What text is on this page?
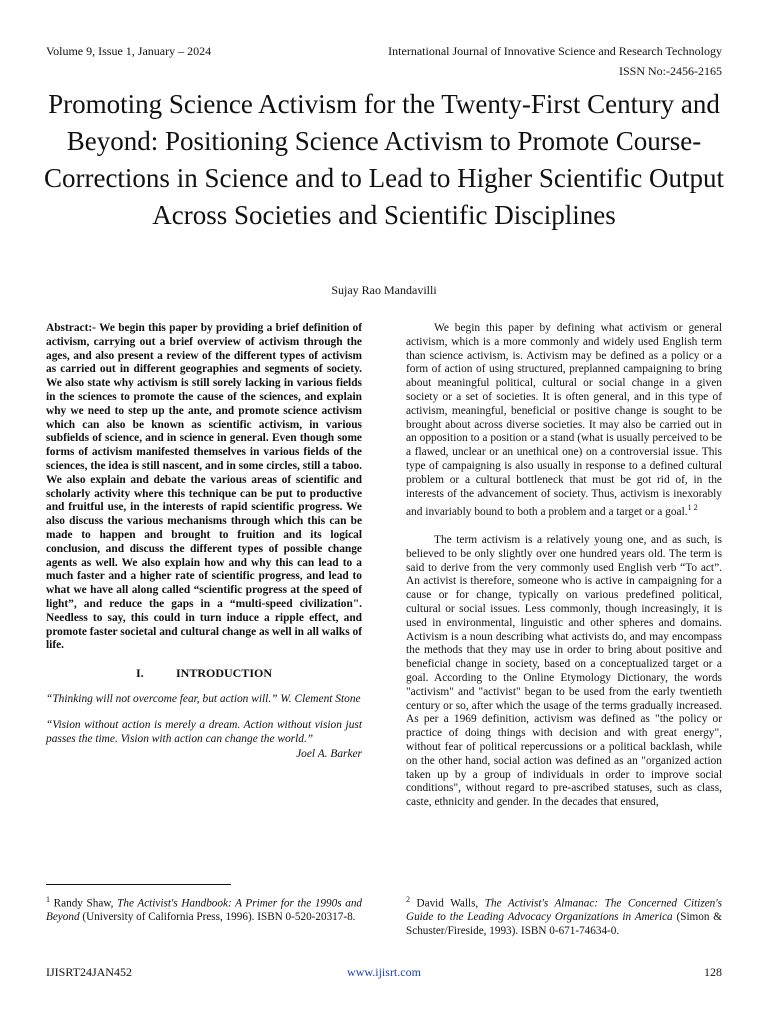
Volume 9, Issue 1, January – 2024	International Journal of Innovative Science and Research Technology
ISSN No:-2456-2165
Promoting Science Activism for the Twenty-First Century and Beyond: Positioning Science Activism to Promote Course-Corrections in Science and to Lead to Higher Scientific Output Across Societies and Scientific Disciplines
Sujay Rao Mandavilli

Abstract:- We begin this paper by providing a brief definition of activism, carrying out a brief overview of activism through the ages, and also present a review of the different types of activism as carried out in different geographies and segments of society. We also state why activism is still sorely lacking in various fields in the sciences to promote the cause of the sciences, and explain why we need to step up the ante, and promote science activism which can also be known as scientific activism, in various subfields of science, and in science in general. Even though some forms of activism manifested themselves in various fields of the sciences, the idea is still nascent, and in some circles, still a taboo. We also explain and debate the various areas of scientific and scholarly activity where this technique can be put to productive and fruitful use, in the interests of rapid scientific progress. We also discuss the various mechanisms through which this can be made to happen and brought to fruition and its logical conclusion, and discuss the different types of possible change agents as well. We also explain how and why this can lead to a much faster and a higher rate of scientific progress, and lead to what we have all along called “scientific progress at the speed of light”, and reduce the gaps in a “multi-speed civilization". Needless to say, this could in turn induce a ripple effect, and promote faster societal and cultural change as well in all walks of life.

I.	INTRODUCTION

“Thinking will not overcome fear, but action will.” W. Clement Stone

“Vision without action is merely a dream. Action without vision just passes the time. Vision with action can change the world.”

Joel A. Barker

We begin this paper by defining what activism or general activism, which is a more commonly and widely used English term than science activism, is. Activism may be defined as a policy or a form of action of using structured, preplanned campaigning to bring about meaningful political, cultural or social change in a given society or a set of societies. It is often general, and in this type of activism, meaningful, beneficial or positive change is sought to be brought about across diverse societies. It may also be carried out in an opposition to a position or a stand (what is usually perceived to be a flawed, unclear or an unethical one) on a controversial issue. This type of campaigning is also usually in response to a defined cultural problem or a cultural bottleneck that must be got rid of, in the interests of the advancement of society. Thus, activism is inexorably and invariably bound to both a problem and a target or a goal.$^{1 2}$

The term activism is a relatively young one, and as such, is believed to be only slightly over one hundred years old. The term is said to derive from the very commonly used English verb “To act”. An activist is therefore, someone who is active in campaigning for a cause or for change, typically on various predefined political, cultural or social issues. Less commonly, though increasingly, it is used in environmental, linguistic and other spheres and domains. Activism is a noun describing what activists do, and may encompass the methods that they may use in order to bring about positive and beneficial change in society, based on a conceptualized target or a goal. According to the Online Etymology Dictionary, the words "activism" and "activist" began to be used from the early twentieth century or so, after which the usage of the terms gradually increased. As per a 1969 definition, activism was defined as "the policy or practice of doing things with decision and with great energy", without fear of political repercussions or a political backlash, while on the other hand, social action was defined as an "organized action taken up by a group of individuals in order to improve social conditions", without regard to pre-ascribed statuses, such as class, caste, ethnicity and gender. In the decades that ensured,

$^1$ Randy Shaw, The Activist's Handbook: A Primer for the 1990s and Beyond (University of California Press, 1996). ISBN 0-520-20317-8.
$^2$ David Walls, The Activist's Almanac: The Concerned Citizen's Guide to the Leading Advocacy Organizations in America (Simon & Schuster/Fireside, 1993). ISBN 0-671-74634-0.
IJISRT24JAN452	www.ijisrt.com	128
